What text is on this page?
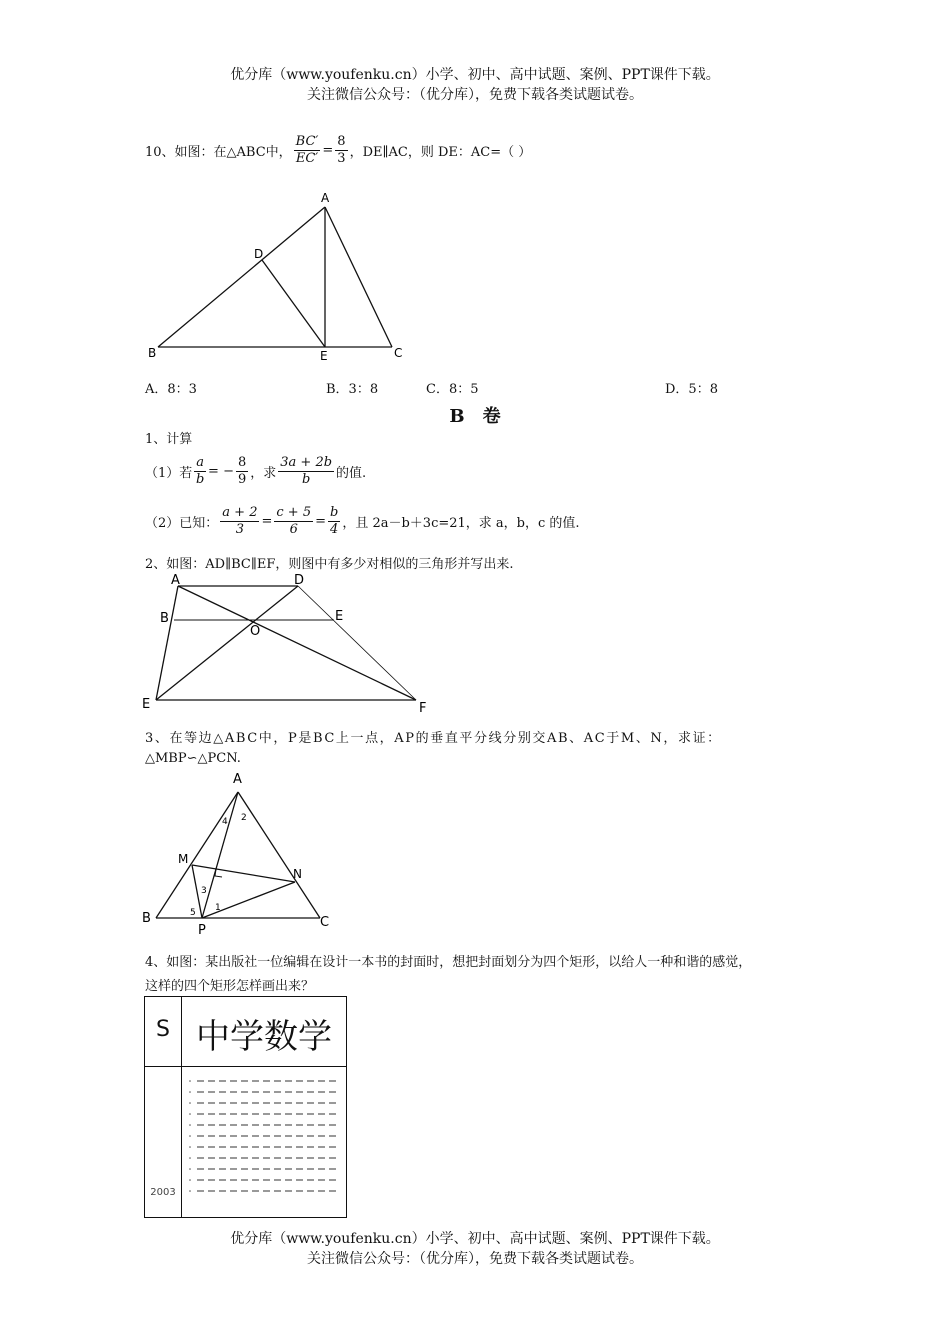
优分库（www.youfenku.cn）小学、初中、高中试题、案例、PPT课件下载。
关注微信公众号：（优分库），免费下载各类试题试卷。
10、如图：在△ABC中， $\frac{BC'}{EC'} = \frac{8}{3}$ ，DE∥AC，则 DE：AC=（ ）
A
D
B	E	C
A．8：3	B．3：8	C．8：5	D．5：8
B　卷
1、计算
（1）若 $\frac{a}{b}$ = − $\frac{8}{9}$ ，求 $\frac{3a + 2b}{b}$ 的值.
（2）已知： $\frac{a + 2}{3} = \frac{c + 5}{6} = \frac{b}{4}$ ，且 2a－b＋3c=21，求 a，b，c 的值.
2、如图：AD∥BC∥EF，则图中有多少对相似的三角形并写出来.
A	D
B
O
E
E	F
3、在等边△ABC中，P是BC上一点，AP的垂直平分线分别交AB、AC于M、N，求证：
△MBP∽△PCN.
A
M
N
B	C
P
1
2
3
4
5
4、如图：某出版社一位编辑在设计一本书的封面时，想把封面划分为四个矩形，以给人一种和谐的感觉，
这样的四个矩形怎样画出来？
S 中学数学
2003
优分库（www.youfenku.cn）小学、初中、高中试题、案例、PPT课件下载。
关注微信公众号：（优分库），免费下载各类试题试卷。
